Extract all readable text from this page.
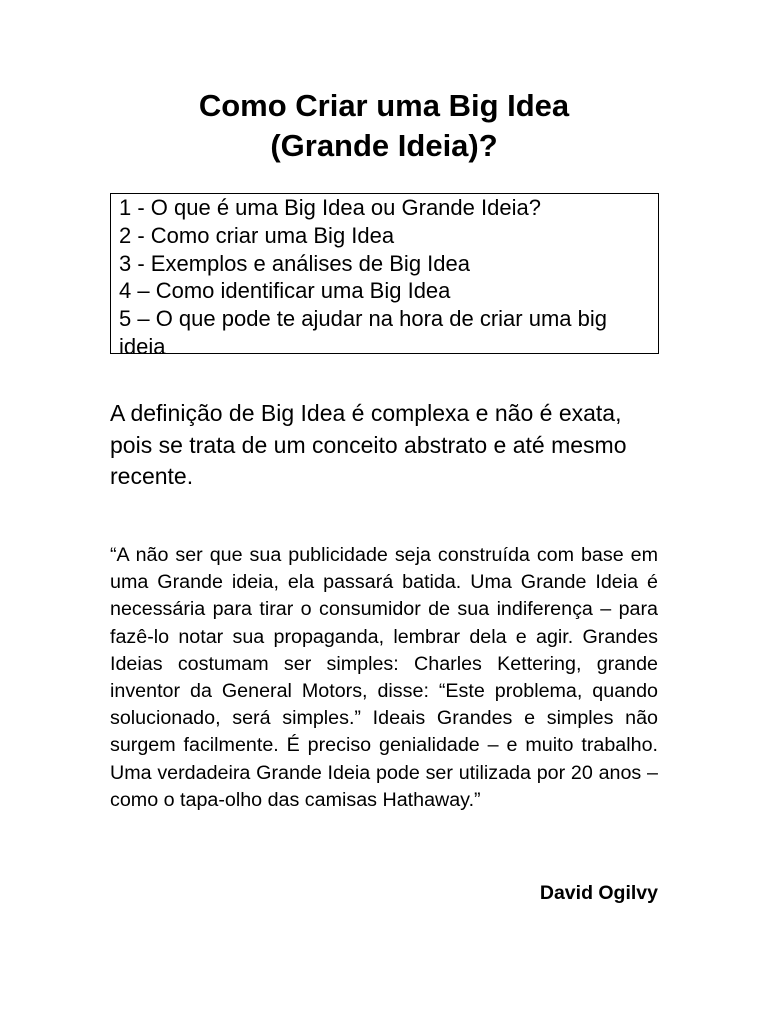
Como Criar uma Big Idea
(Grande Ideia)?
1 - O que é uma Big Idea ou Grande Ideia?
2 - Como criar uma Big Idea
3 - Exemplos e análises de Big Idea
4 – Como identificar uma Big Idea
5 – O que pode te ajudar na hora de criar uma big ideia

A definição de Big Idea é complexa e não é exata, pois se trata de um conceito abstrato e até mesmo recente.

“A não ser que sua publicidade seja construída com base em uma Grande ideia, ela passará batida. Uma Grande Ideia é necessária para tirar o consumidor de sua indiferença – para fazê-lo notar sua propaganda, lembrar dela e agir. Grandes Ideias costumam ser simples: Charles Kettering, grande inventor da General Motors, disse: “Este problema, quando solucionado, será simples.” Ideais Grandes e simples não surgem facilmente. É preciso genialidade – e muito trabalho. Uma verdadeira Grande Ideia pode ser utilizada por 20 anos – como o tapa-olho das camisas Hathaway.”

David Ogilvy
